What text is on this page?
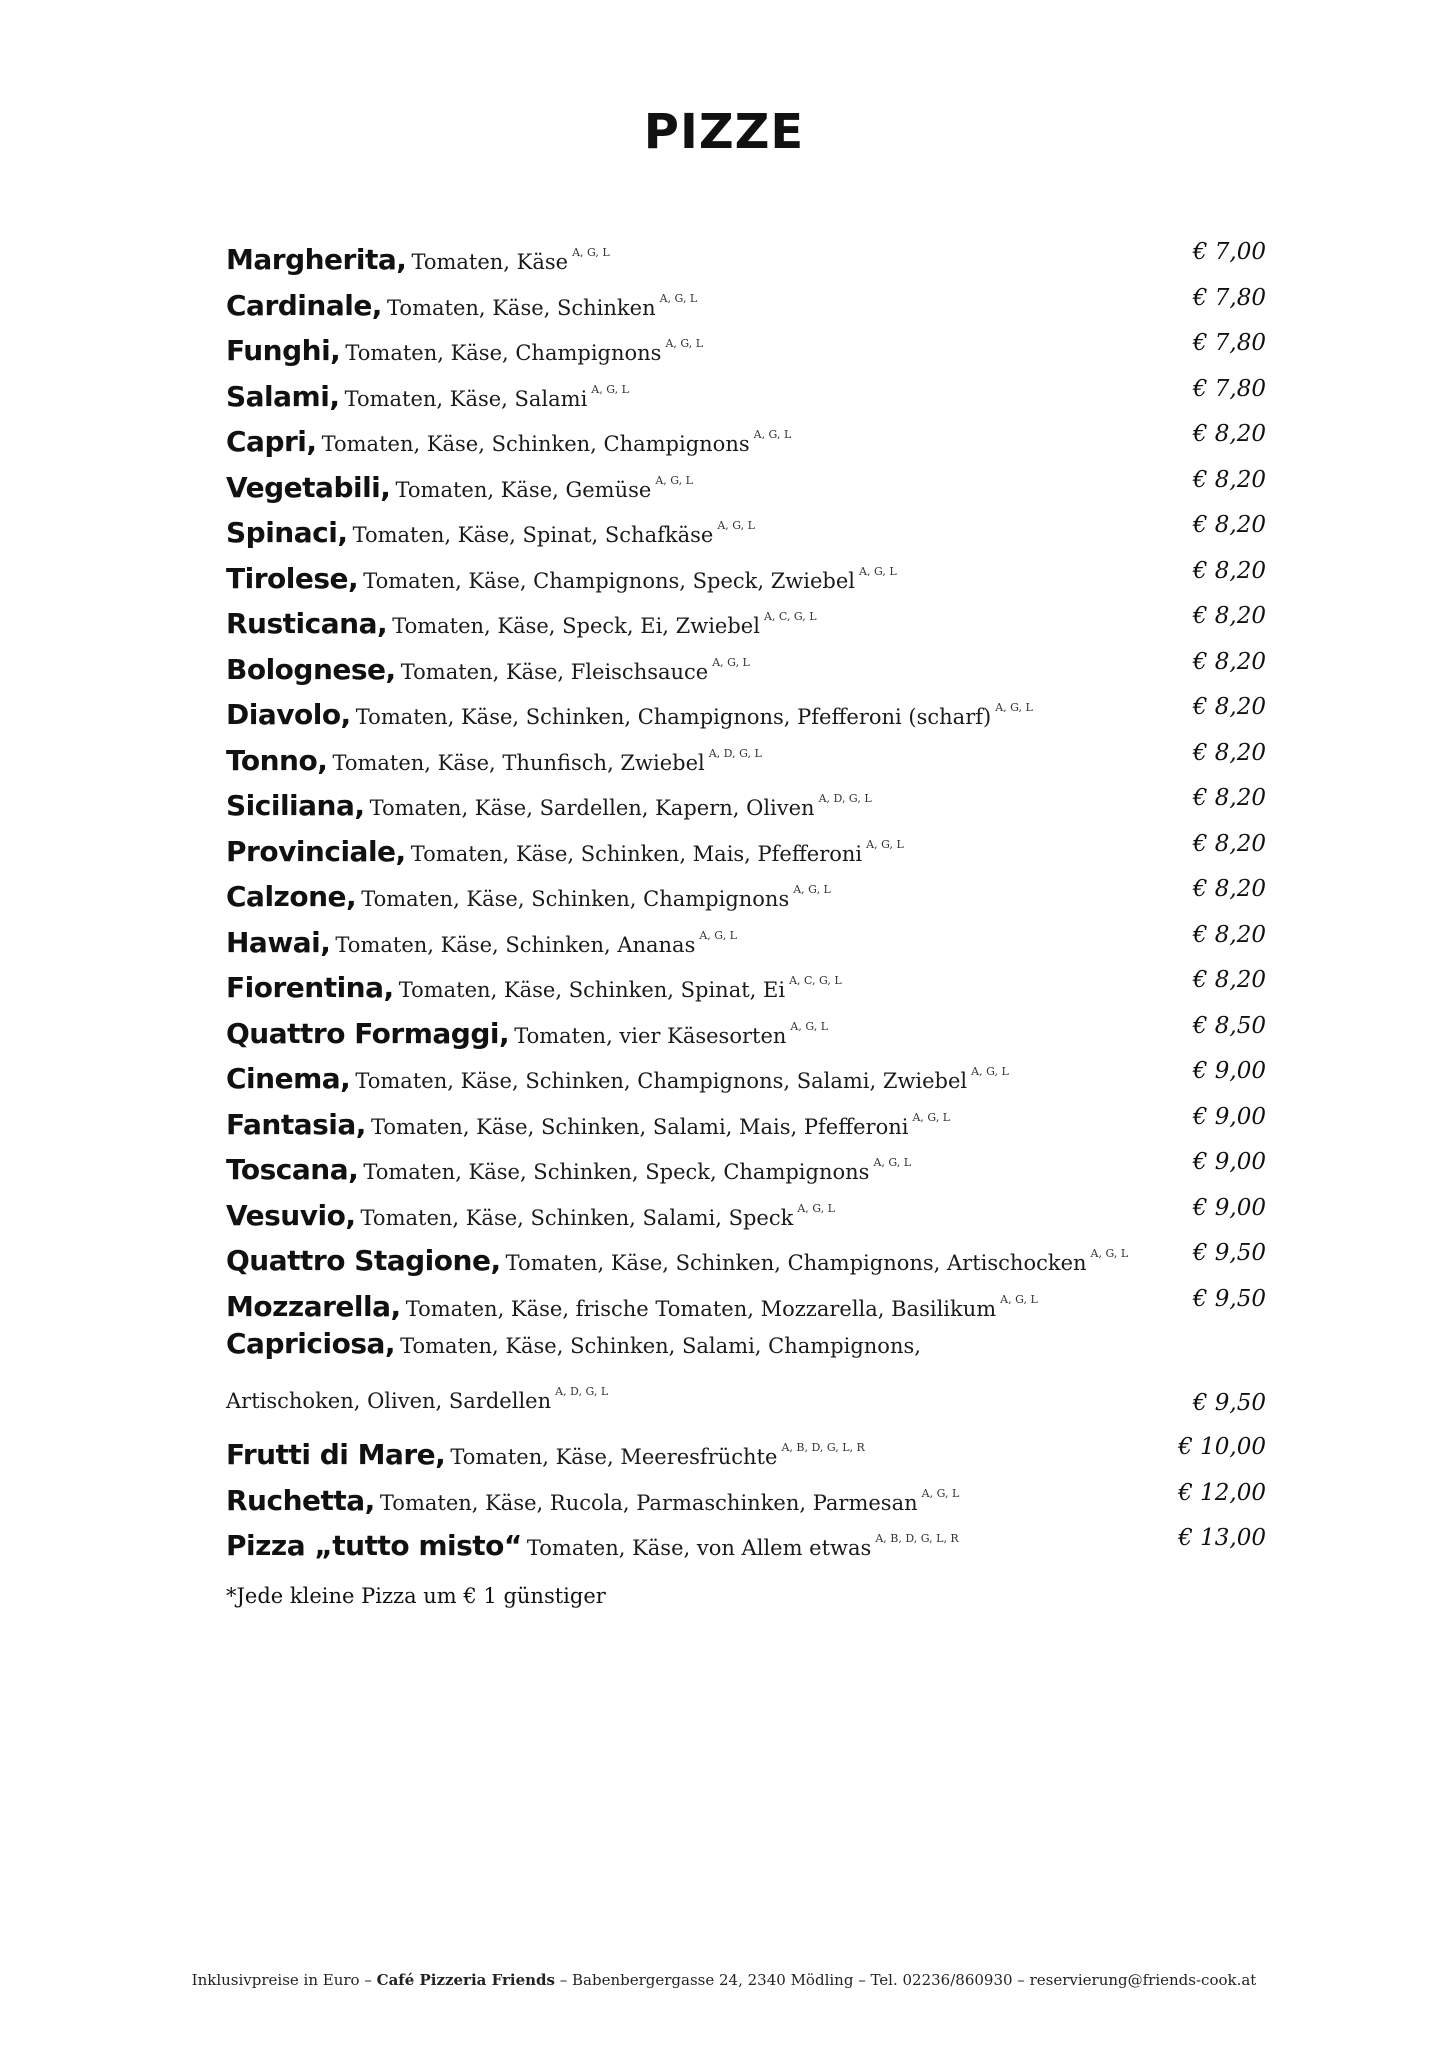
PIZZE
Margherita, Tomaten, Käse $^{A, G, L}$	€ 7,00
Cardinale, Tomaten, Käse, Schinken $^{A, G, L}$	€ 7,80
Funghi, Tomaten, Käse, Champignons $^{A, G, L}$	€ 7,80
Salami, Tomaten, Käse, Salami $^{A, G, L}$	€ 7,80
Capri, Tomaten, Käse, Schinken, Champignons $^{A, G, L}$	€ 8,20
Vegetabili, Tomaten, Käse, Gemüse $^{A, G, L}$	€ 8,20
Spinaci, Tomaten, Käse, Spinat, Schafkäse $^{A, G, L}$	€ 8,20
Tirolese, Tomaten, Käse, Champignons, Speck, Zwiebel $^{A, G, L}$	€ 8,20
Rusticana, Tomaten, Käse, Speck, Ei, Zwiebel $^{A, C, G, L}$	€ 8,20
Bolognese, Tomaten, Käse, Fleischsauce $^{A, G, L}$	€ 8,20
Diavolo, Tomaten, Käse, Schinken, Champignons, Pfefferoni (scharf) $^{A, G, L}$	€ 8,20
Tonno, Tomaten, Käse, Thunfisch, Zwiebel $^{A, D, G, L}$	€ 8,20
Siciliana, Tomaten, Käse, Sardellen, Kapern, Oliven $^{A, D, G, L}$	€ 8,20
Provinciale, Tomaten, Käse, Schinken, Mais, Pfefferoni $^{A, G, L}$	€ 8,20
Calzone, Tomaten, Käse, Schinken, Champignons $^{A, G, L}$	€ 8,20
Hawai, Tomaten, Käse, Schinken, Ananas $^{A, G, L}$	€ 8,20
Fiorentina, Tomaten, Käse, Schinken, Spinat, Ei $^{A, C, G, L}$	€ 8,20
Quattro Formaggi, Tomaten, vier Käsesorten $^{A, G, L}$	€ 8,50
Cinema, Tomaten, Käse, Schinken, Champignons, Salami, Zwiebel $^{A, G, L}$	€ 9,00
Fantasia, Tomaten, Käse, Schinken, Salami, Mais, Pfefferoni $^{A, G, L}$	€ 9,00
Toscana, Tomaten, Käse, Schinken, Speck, Champignons $^{A, G, L}$	€ 9,00
Vesuvio, Tomaten, Käse, Schinken, Salami, Speck $^{A, G, L}$	€ 9,00
Quattro Stagione, Tomaten, Käse, Schinken, Champignons, Artischocken $^{A, G, L}$	€ 9,50
Mozzarella, Tomaten, Käse, frische Tomaten, Mozzarella, Basilikum $^{A, G, L}$	€ 9,50
Capriciosa, Tomaten, Käse, Schinken, Salami, Champignons, Artischoken, Oliven, Sardellen $^{A, D, G, L}$	€ 9,50
Frutti di Mare, Tomaten, Käse, Meeresfrüchte $^{A, B, D, G, L, R}$	€ 10,00
Ruchetta, Tomaten, Käse, Rucola, Parmaschinken, Parmesan $^{A, G, L}$	€ 12,00
Pizza „tutto misto“ Tomaten, Käse, von Allem etwas $^{A, B, D, G, L, R}$	€ 13,00

*Jede kleine Pizza um € 1 günstiger

Inklusivpreise in Euro – Café Pizzeria Friends – Babenbergergasse 24, 2340 Mödling – Tel. 02236/860930 – reservierung@friends-cook.at
